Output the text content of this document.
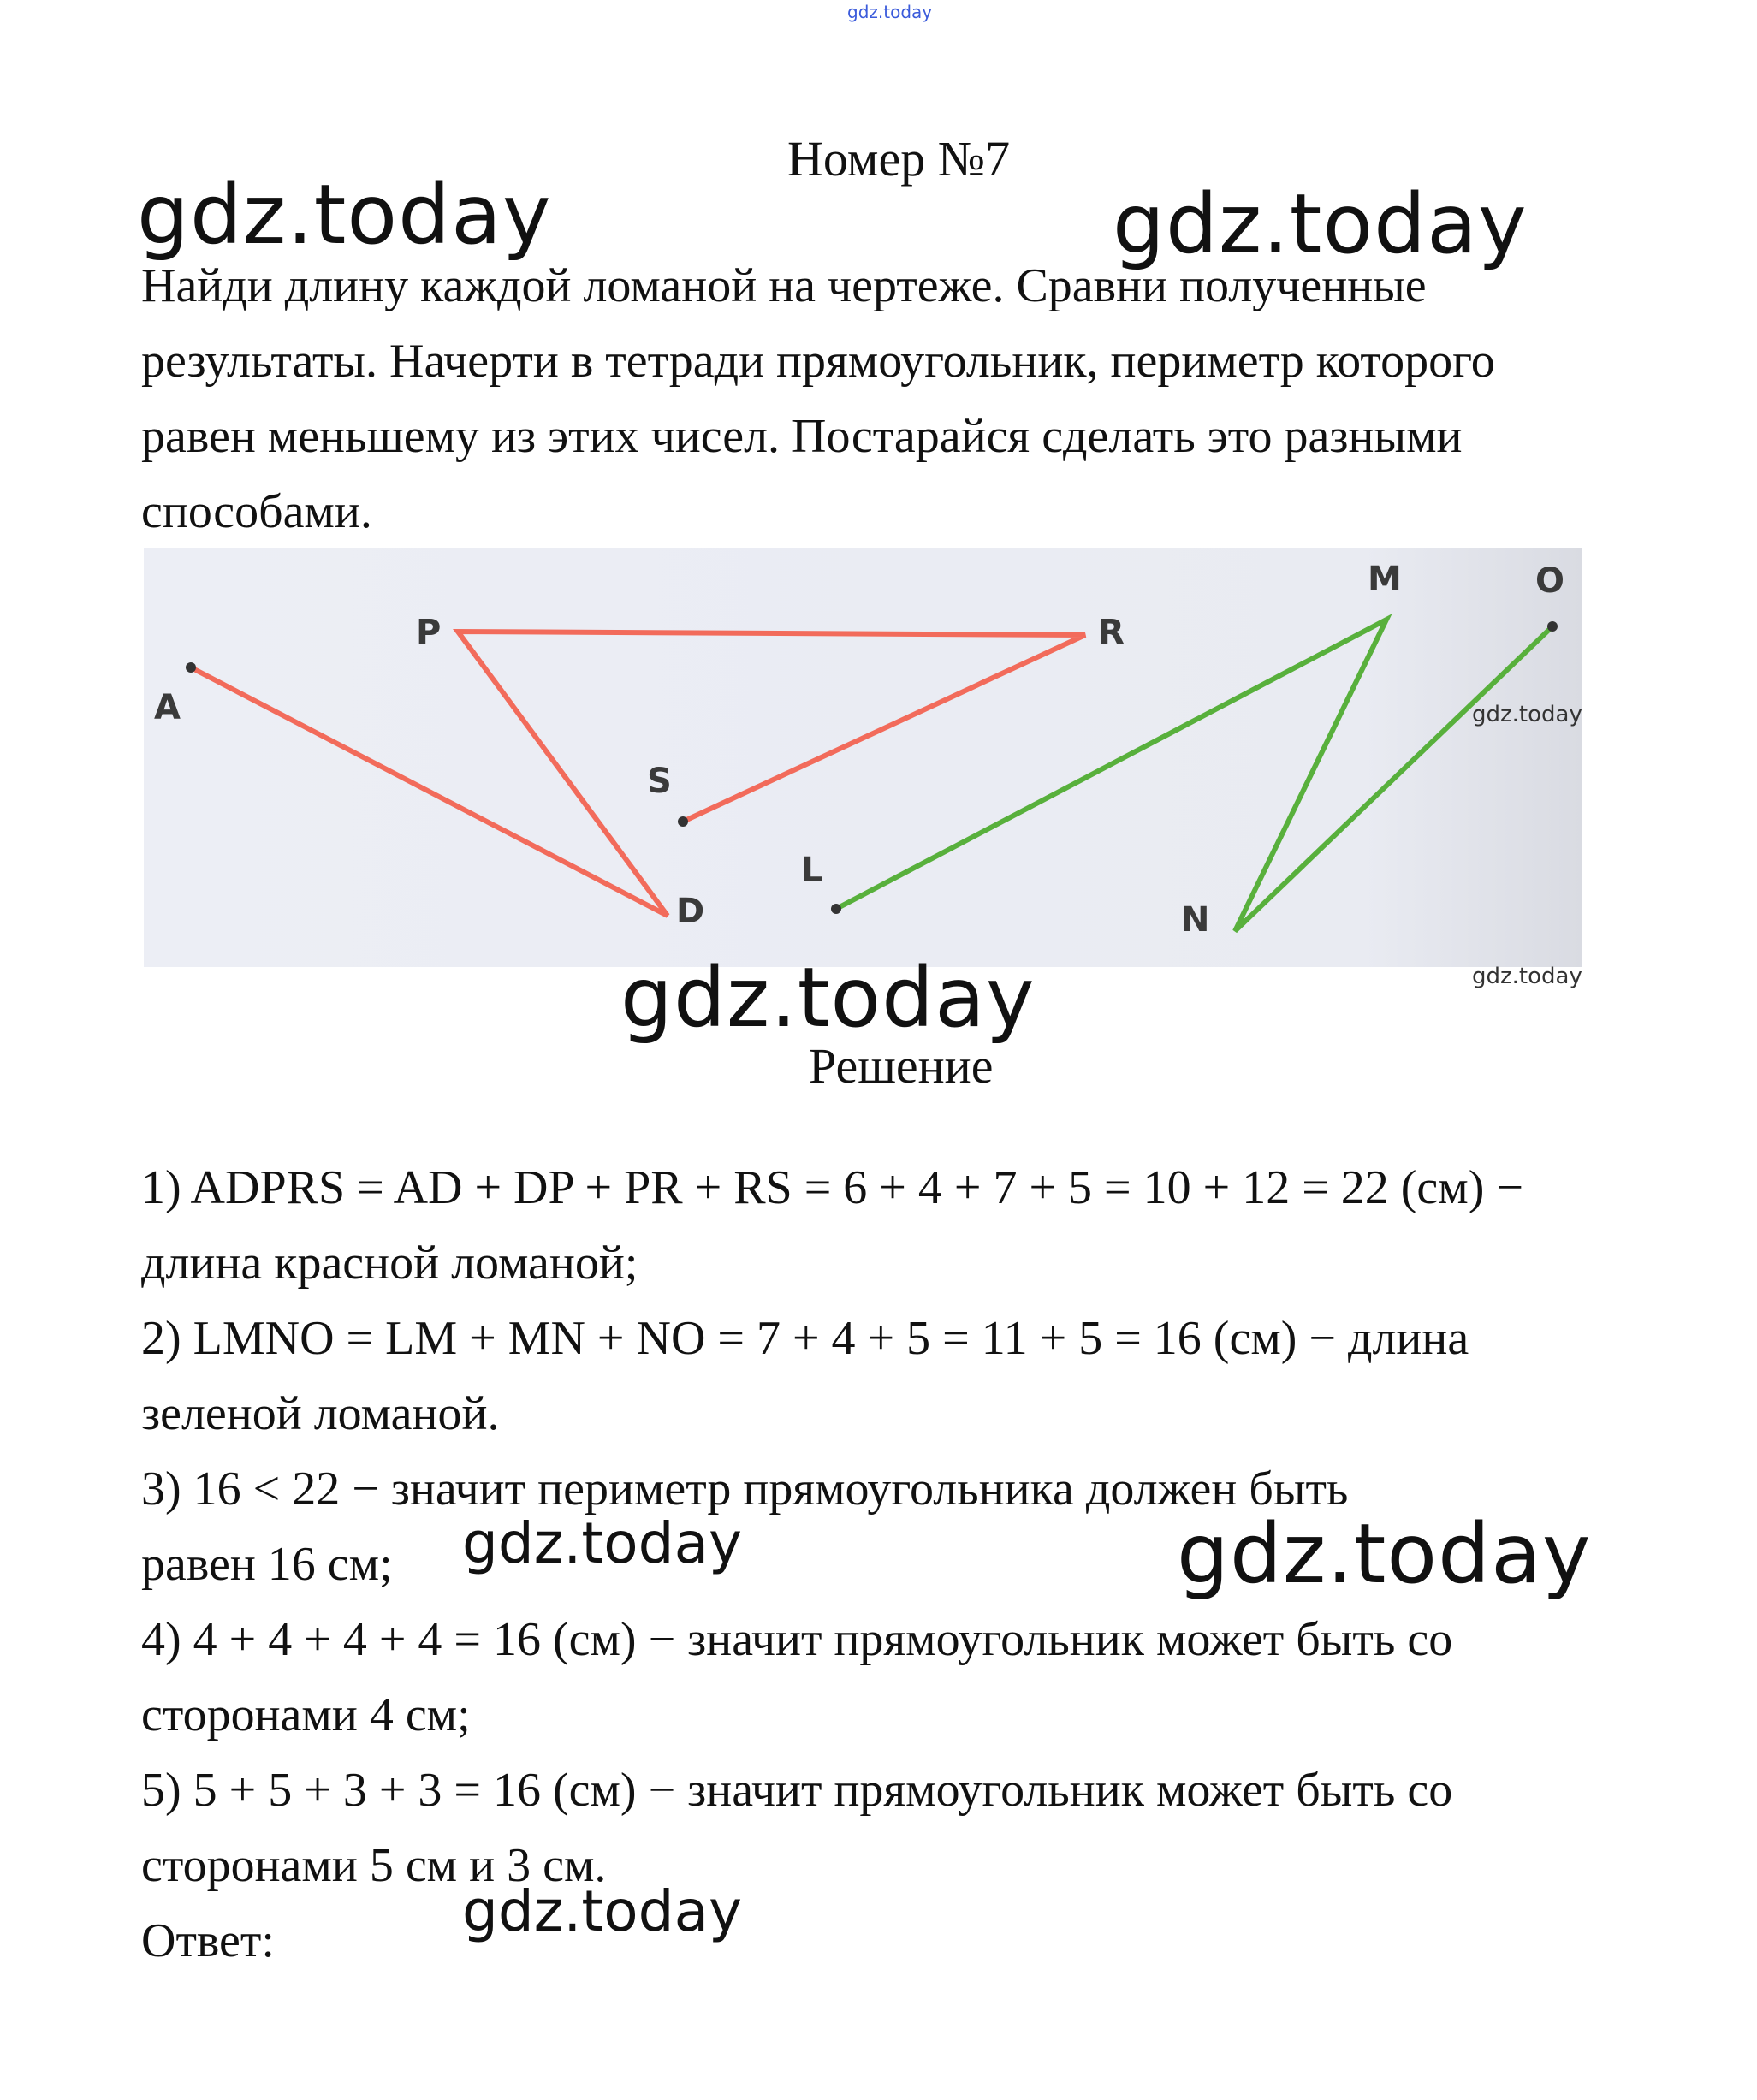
gdz.today
Номер №7
Найди длину каждой ломаной на чертеже. Сравни полученные
результаты. Начерти в тетради прямоугольник, периметр которого
равен меньшему из этих чисел. Постарайся сделать это разными
способами.
A
P	R
S
D
L
M
N
O
gdz.today
gdz.today
Решение
1) ADPRS = AD + DP + PR + RS = 6 + 4 + 7 + 5 = 10 + 12 = 22 (см) −
длина красной ломаной;
2) LMNO = LM + MN + NO = 7 + 4 + 5 = 11 + 5 = 16 (см) − длина
зеленой ломаной.
3) 16 < 22 − значит периметр прямоугольника должен быть
равен 16 см;
4) 4 + 4 + 4 + 4 = 16 (см) − значит прямоугольник может быть со
сторонами 4 см;
5) 5 + 5 + 3 + 3 = 16 (см) − значит прямоугольник может быть со
сторонами 5 см и 3 см.
Ответ:
gdz.today	gdz.today
gdz.today
gdz.today
gdz.today
gdz.today
